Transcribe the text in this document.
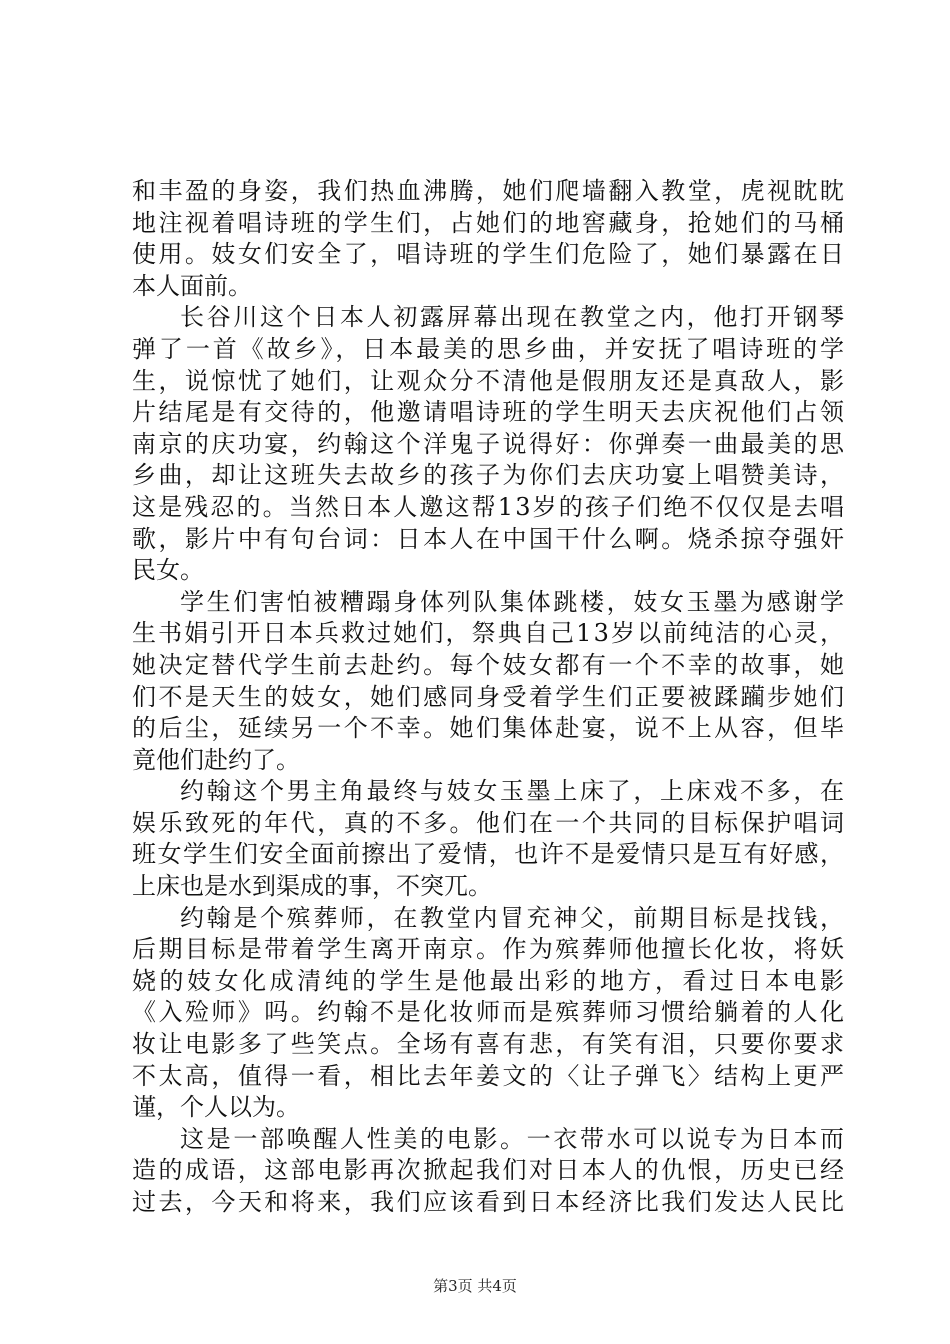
和丰盈的身姿，我们热血沸腾，她们爬墙翻入教堂，虎视眈眈
地注视着唱诗班的学生们，占她们的地窖藏身，抢她们的马桶
使用。妓女们安全了，唱诗班的学生们危险了，她们暴露在日
本人面前。
长谷川这个日本人初露屏幕出现在教堂之内，他打开钢琴
弹了一首《故乡》，日本最美的思乡曲，并安抚了唱诗班的学
生，说惊忧了她们，让观众分不清他是假朋友还是真敌人，影
片结尾是有交待的，他邀请唱诗班的学生明天去庆祝他们占领
南京的庆功宴，约翰这个洋鬼子说得好：你弹奏一曲最美的思
乡曲，却让这班失去故乡的孩子为你们去庆功宴上唱赞美诗，
这是残忍的。当然日本人邀这帮13岁的孩子们绝不仅仅是去唱
歌，影片中有句台词：日本人在中国干什么啊。烧杀掠夺强奸
民女。
学生们害怕被糟蹋身体列队集体跳楼，妓女玉墨为感谢学
生书娟引开日本兵救过她们，祭典自己13岁以前纯洁的心灵，
她决定替代学生前去赴约。每个妓女都有一个不幸的故事，她
们不是天生的妓女，她们感同身受着学生们正要被蹂躏步她们
的后尘，延续另一个不幸。她们集体赴宴，说不上从容，但毕
竟他们赴约了。
约翰这个男主角最终与妓女玉墨上床了，上床戏不多，在
娱乐致死的年代，真的不多。他们在一个共同的目标保护唱词
班女学生们安全面前擦出了爱情，也许不是爱情只是互有好感，
上床也是水到渠成的事，不突兀。
约翰是个殡葬师，在教堂内冒充神父，前期目标是找钱，
后期目标是带着学生离开南京。作为殡葬师他擅长化妆，将妖
娆的妓女化成清纯的学生是他最出彩的地方，看过日本电影
《入殓师》吗。约翰不是化妆师而是殡葬师习惯给躺着的人化
妆让电影多了些笑点。全场有喜有悲，有笑有泪，只要你要求
不太高，值得一看，相比去年姜文的〈让子弹飞〉结构上更严
谨，个人以为。
这是一部唤醒人性美的电影。一衣带水可以说专为日本而
造的成语，这部电影再次掀起我们对日本人的仇恨，历史已经
过去，今天和将来，我们应该看到日本经济比我们发达人民比
第3页 共4页
